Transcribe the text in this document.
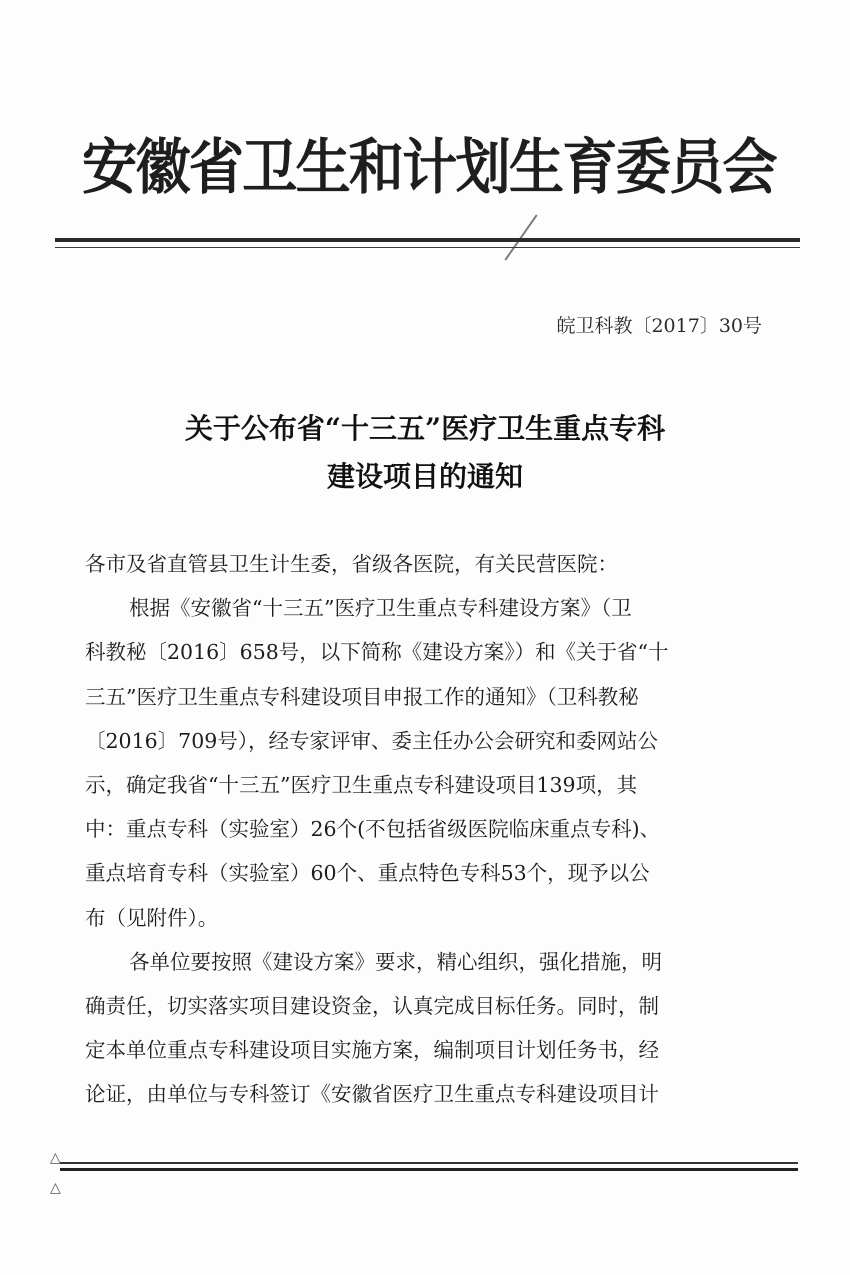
安徽省卫生和计划生育委员会
皖卫科教〔2017〕30号
关于公布省“十三五”医疗卫生重点专科
建设项目的通知
各市及省直管县卫生计生委，省级各医院，有关民营医院：
根据《安徽省“十三五”医疗卫生重点专科建设方案》（卫
科教秘〔2016〕658号，以下简称《建设方案》）和《关于省“十
三五”医疗卫生重点专科建设项目申报工作的通知》（卫科教秘
〔2016〕709号），经专家评审、委主任办公会研究和委网站公
示，确定我省“十三五”医疗卫生重点专科建设项目139项，其
中：重点专科（实验室）26个(不包括省级医院临床重点专科)、
重点培育专科（实验室）60个、重点特色专科53个，现予以公
布（见附件）。
各单位要按照《建设方案》要求，精心组织，强化措施，明
确责任，切实落实项目建设资金，认真完成目标任务。同时，制
定本单位重点专科建设项目实施方案，编制项目计划任务书，经
论证，由单位与专科签订《安徽省医疗卫生重点专科建设项目计
△
△
